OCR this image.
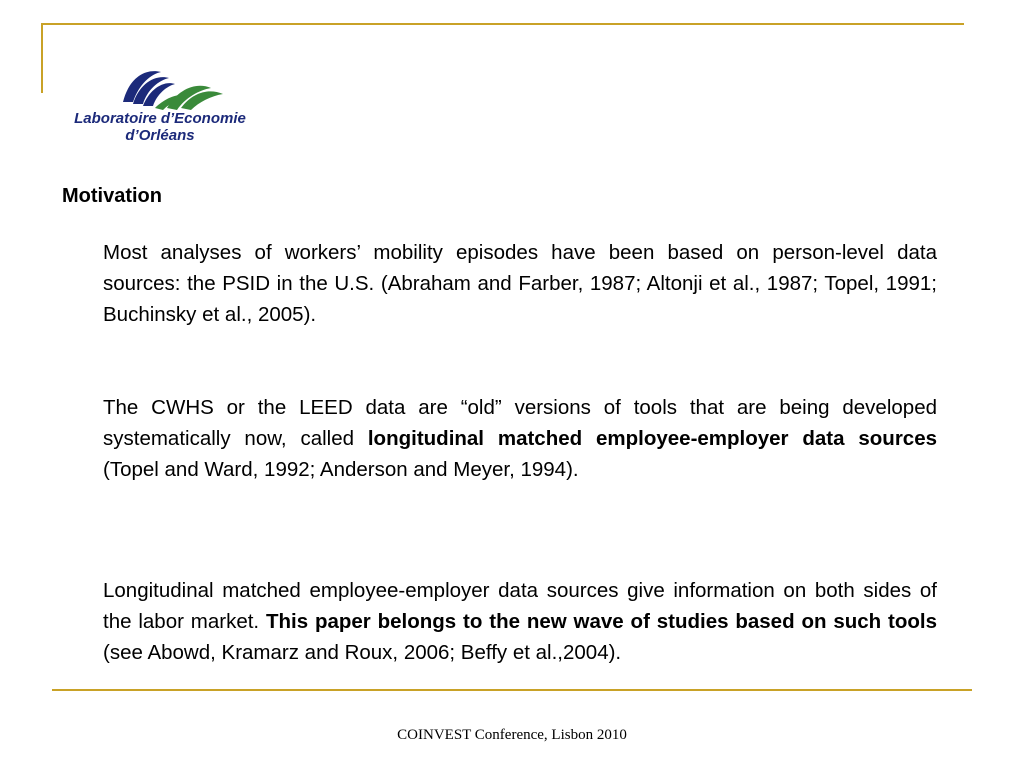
Laboratoire d’Economie
d’Orléans
Motivation

Most analyses of workers’ mobility episodes have been based on person-level data sources: the PSID in the U.S. (Abraham and Farber, 1987; Altonji et al., 1987; Topel, 1991; Buchinsky et al., 2005).

The CWHS or the LEED data are “old” versions of tools that are being developed systematically now, called longitudinal matched employee-employer data sources (Topel and Ward, 1992; Anderson and Meyer, 1994).

Longitudinal matched employee-employer data sources give information on both sides of the labor market. This paper belongs to the new wave of studies based on such tools (see Abowd, Kramarz and Roux, 2006; Beffy et al.,2004).

COINVEST Conference, Lisbon 2010
